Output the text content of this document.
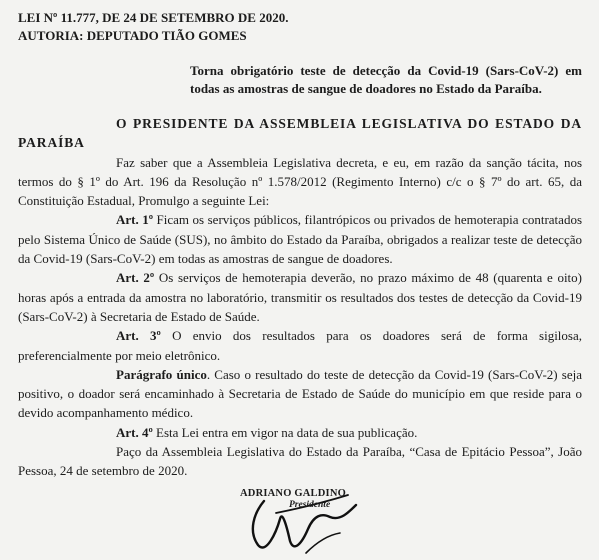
LEI Nº 11.777, DE 24 DE SETEMBRO DE 2020.
AUTORIA: DEPUTADO TIÃO GOMES
Torna obrigatório teste de detecção da Covid-19 (Sars-CoV-2) em todas as amostras de sangue de doadores no Estado da Paraíba.

O PRESIDENTE DA ASSEMBLEIA LEGISLATIVA DO ESTADO DA PARAÍBA

Faz saber que a Assembleia Legislativa decreta, e eu, em razão da sanção tácita, nos termos do § 1º do Art. 196 da Resolução nº 1.578/2012 (Regimento Interno) c/c o § 7º do art. 65, da Constituição Estadual, Promulgo a seguinte Lei:

Art. 1º Ficam os serviços públicos, filantrópicos ou privados de hemoterapia contratados pelo Sistema Único de Saúde (SUS), no âmbito do Estado da Paraíba, obrigados a realizar teste de detecção da Covid-19 (Sars-CoV-2) em todas as amostras de sangue de doadores.

Art. 2º Os serviços de hemoterapia deverão, no prazo máximo de 48 (quarenta e oito) horas após a entrada da amostra no laboratório, transmitir os resultados dos testes de detecção da Covid-19 (Sars-CoV-2) à Secretaria de Estado de Saúde.

Art. 3º O envio dos resultados para os doadores será de forma sigilosa, preferencialmente por meio eletrônico.

Parágrafo único. Caso o resultado do teste de detecção da Covid-19 (Sars-CoV-2) seja positivo, o doador será encaminhado à Secretaria de Estado de Saúde do município em que reside para o devido acompanhamento médico.

Art. 4º Esta Lei entra em vigor na data de sua publicação.

Paço da Assembleia Legislativa do Estado da Paraíba, “Casa de Epitácio Pessoa”, João Pessoa, 24 de setembro de 2020.

ADRIANO GALDINO
Presidente
